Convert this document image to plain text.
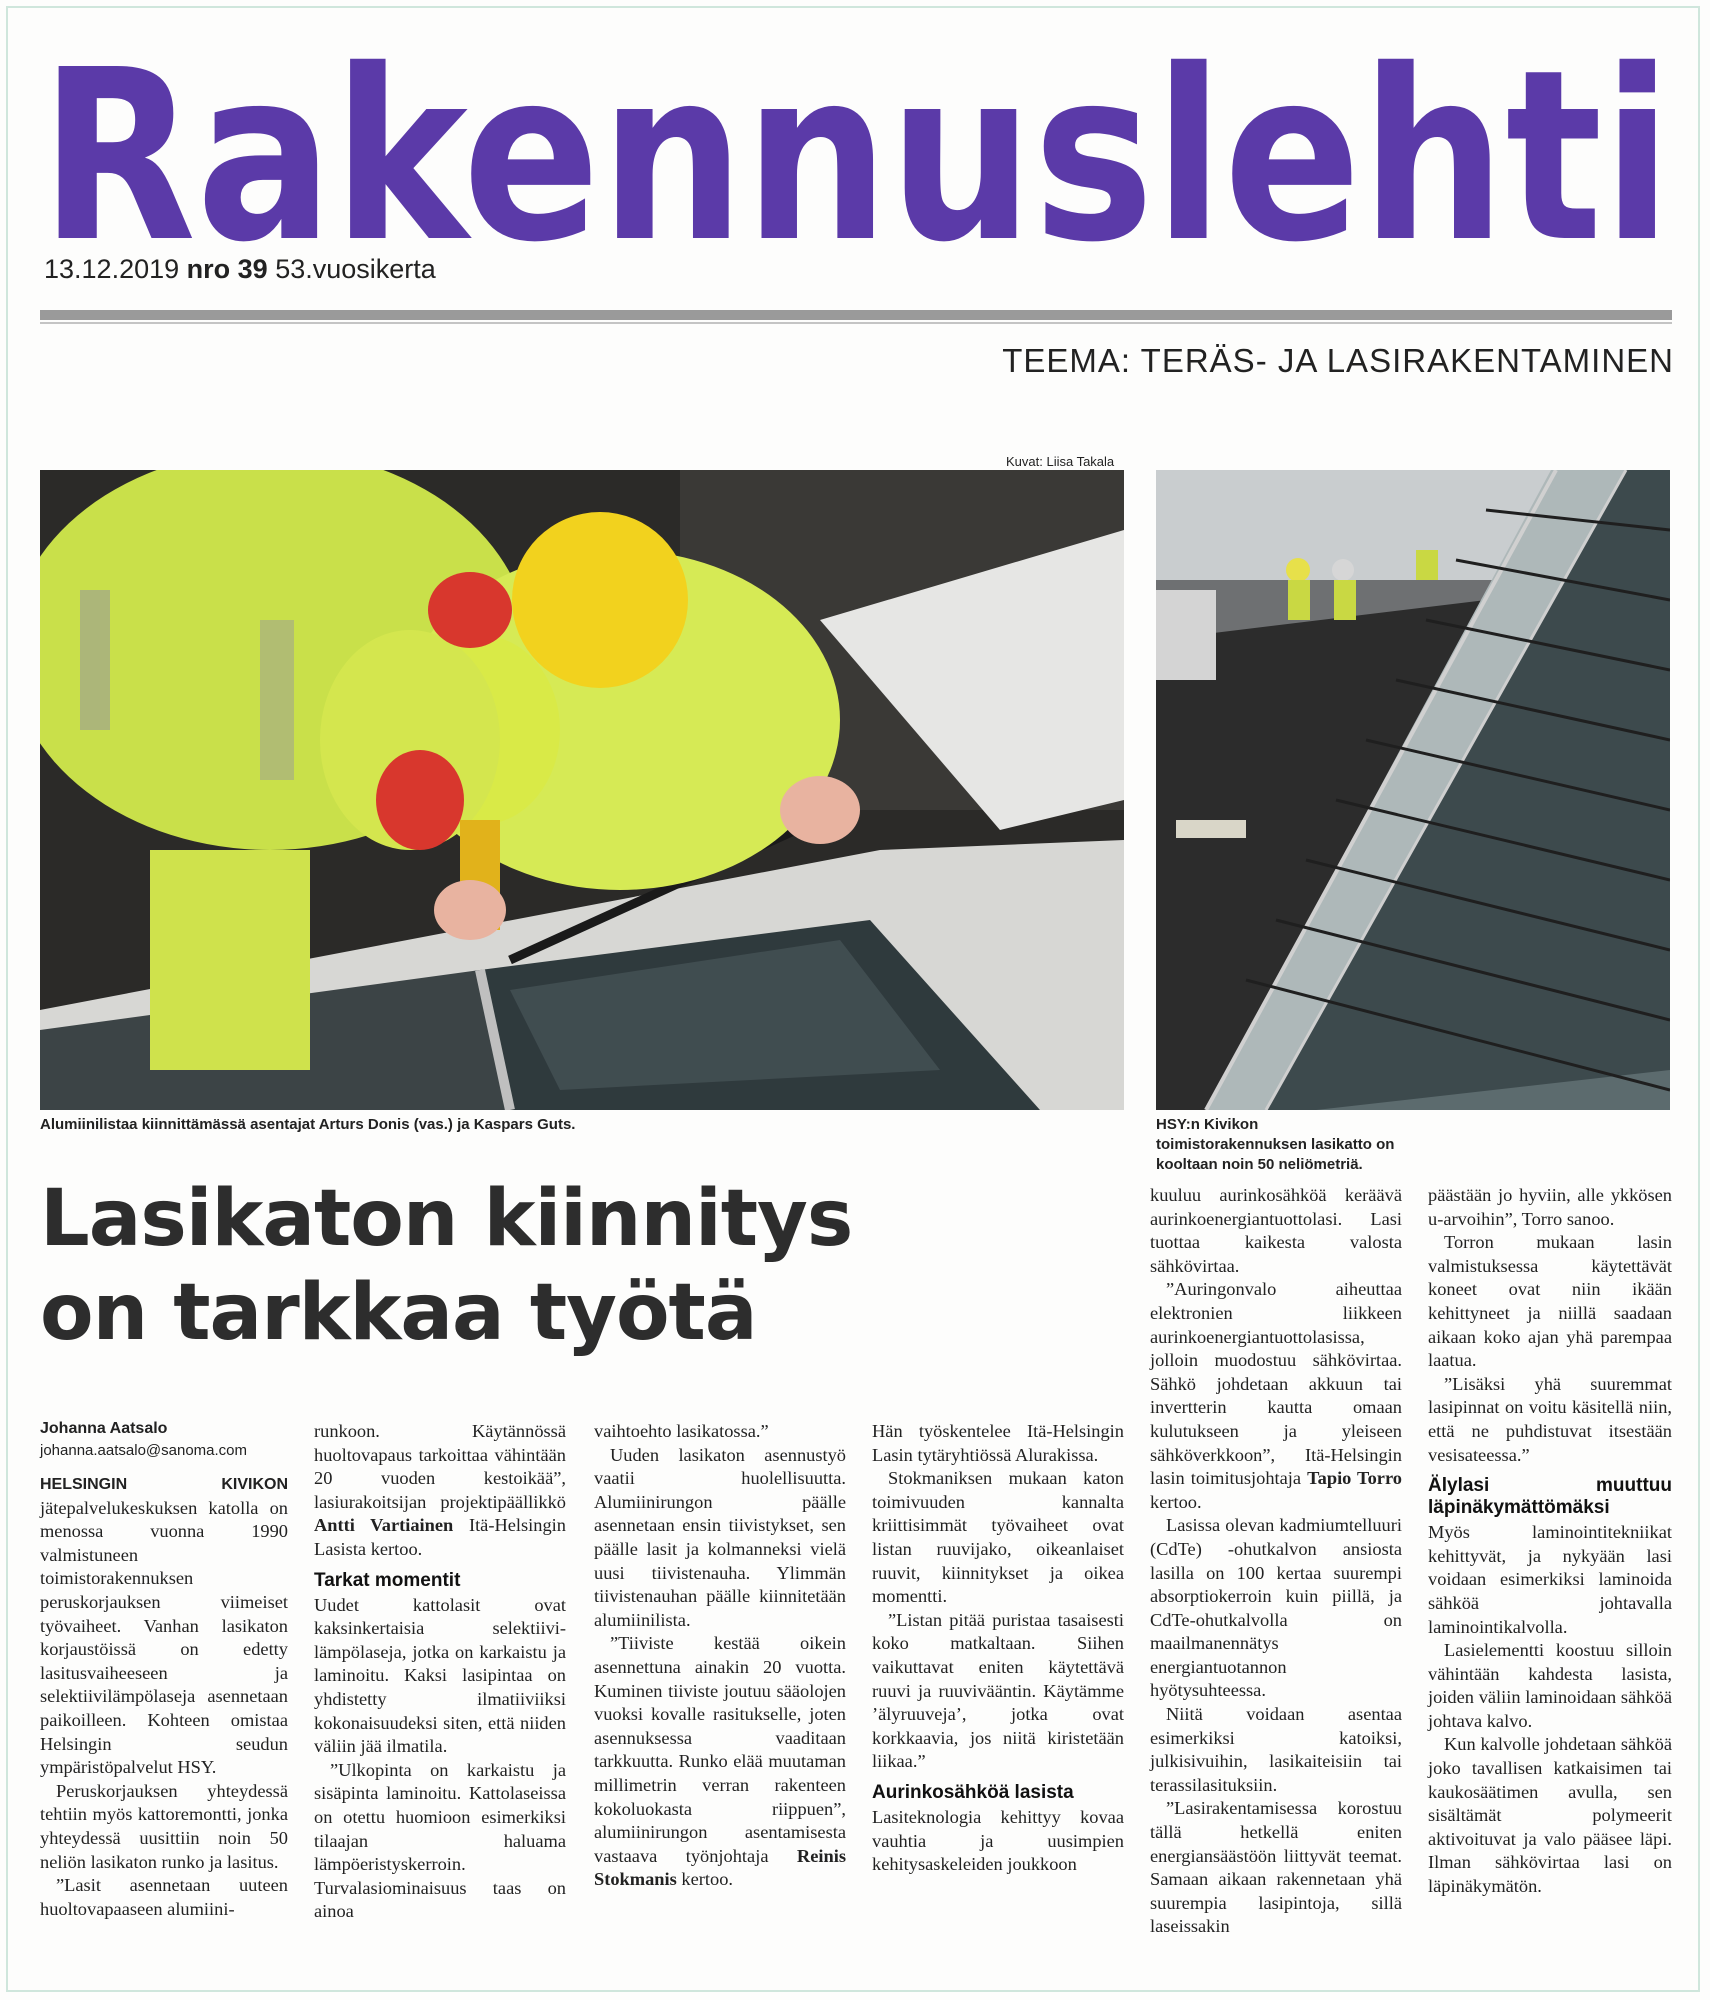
Rakennuslehti
13.12.2019 nro 39 53.vuosikerta
TEEMA: TERÄS- JA LASIRAKENTAMINEN
Kuvat: Liisa Takala
Alumiinilistaa kiinnittämässä asentajat Arturs Donis (vas.) ja Kaspars Guts.	HSY:n Kivikon toimistorakennuksen lasikatto on kooltaan noin 50 neliömetriä.
Lasikaton kiinnitys
on tarkkaa työtä
Johanna Aatsalo
johanna.aatsalo@sanoma.com

HELSINGIN KIVIKON jätepalvelukeskuksen katolla on menossa vuonna 1990 valmistuneen toimistorakennuksen peruskorjauksen viimeiset työvaiheet. Vanhan lasikaton korjaustöissä on edetty lasitusvaiheeseen ja selektiivilämpölaseja asennetaan paikoilleen. Kohteen omistaa Helsingin seudun ympäristöpalvelut HSY.

Peruskorjauksen yhteydessä tehtiin myös kattoremontti, jonka yhteydessä uusittiin noin 50 neliön lasikaton runko ja lasitus.

”Lasit asennetaan uuteen huoltovapaaseen alumiini-

runkoon. Käytännössä huoltovapaus tarkoittaa vähintään 20 vuoden kestoikää”, lasiurakoitsijan projektipäällikkö Antti Vartiainen Itä-Helsingin Lasista kertoo.

Tarkat momentit

Uudet kattolasit ovat kaksinkertaisia selektiivi-lämpölaseja, jotka on karkaistu ja laminoitu. Kaksi lasipintaa on yhdistetty ilmatiiviiksi kokonaisuudeksi siten, että niiden väliin jää ilmatila.

”Ulkopinta on karkaistu ja sisäpinta laminoitu. Kattolaseissa on otettu huomioon esimerkiksi tilaajan haluama lämpöeristyskerroin. Turvalasiominaisuus taas on ainoa

vaihtoehto lasikatossa.”

Uuden lasikaton asennustyö vaatii huolellisuutta. Alumiinirungon päälle asennetaan ensin tiivistykset, sen päälle lasit ja kolmanneksi vielä uusi tiivistenauha. Ylimmän tiivistenauhan päälle kiinnitetään alumiinilista.

”Tiiviste kestää oikein asennettuna ainakin 20 vuotta. Kuminen tiiviste joutuu sääolojen vuoksi kovalle rasitukselle, joten asennuksessa vaaditaan tarkkuutta. Runko elää muutaman millimetrin verran rakenteen kokoluokasta riippuen”, alumiinirungon asentamisesta vastaava työnjohtaja Reinis Stokmanis kertoo.

Hän työskentelee Itä-Helsingin Lasin tytäryhtiössä Alurakissa.

Stokmaniksen mukaan katon toimivuuden kannalta kriittisimmät työvaiheet ovat listan ruuvijako, oikeanlaiset ruuvit, kiinnitykset ja oikea momentti.

”Listan pitää puristaa tasaisesti koko matkaltaan. Siihen vaikuttavat eniten käytettävä ruuvi ja ruuvivääntin. Käytämme ’älyruuveja’, jotka ovat korkkaavia, jos niitä kiristetään liikaa.”

Aurinkosähköä lasista

Lasiteknologia kehittyy kovaa vauhtia ja uusimpien kehitysaskeleiden joukkoon

kuuluu aurinkosähköä keräävä aurinkoenergiantuottolasi. Lasi tuottaa kaikesta valosta sähkövirtaa.

”Auringonvalo aiheuttaa elektronien liikkeen aurinkoenergiantuottolasissa, jolloin muodostuu sähkövirtaa. Sähkö johdetaan akkuun tai invertterin kautta omaan kulutukseen ja yleiseen sähköverkkoon”, Itä-Helsingin lasin toimitusjohtaja Tapio Torro kertoo.

Lasissa olevan kadmiumtelluuri (CdTe) -ohutkalvon ansiosta lasilla on 100 kertaa suurempi absorptiokerroin kuin piillä, ja CdTe-ohutkalvolla on maailmanennätys energiantuotannon hyötysuhteessa.

Niitä voidaan asentaa esimerkiksi katoiksi, julkisivuihin, lasikaiteisiin tai terassilasituksiin.

”Lasirakentamisessa korostuu tällä hetkellä eniten energiansäästöön liittyvät teemat. Samaan aikaan rakennetaan yhä suurempia lasipintoja, sillä laseissakin

päästään jo hyviin, alle ykkösen u-arvoihin”, Torro sanoo.

Torron mukaan lasin valmistuksessa käytettävät koneet ovat niin ikään kehittyneet ja niillä saadaan aikaan koko ajan yhä parempaa laatua.

”Lisäksi yhä suuremmat lasipinnat on voitu käsitellä niin, että ne puhdistuvat itsestään vesisateessa.”

Älylasi muuttuu läpinäkymättömäksi

Myös laminointitekniikat kehittyvät, ja nykyään lasi voidaan esimerkiksi laminoida sähköä johtavalla laminointikalvolla.

Lasielementti koostuu silloin vähintään kahdesta lasista, joiden väliin laminoidaan sähköä johtava kalvo.

Kun kalvolle johdetaan sähköä joko tavallisen katkaisimen tai kaukosäätimen avulla, sen sisältämät polymeerit aktivoituvat ja valo pääsee läpi. Ilman sähkövirtaa lasi on läpinäkymätön.
